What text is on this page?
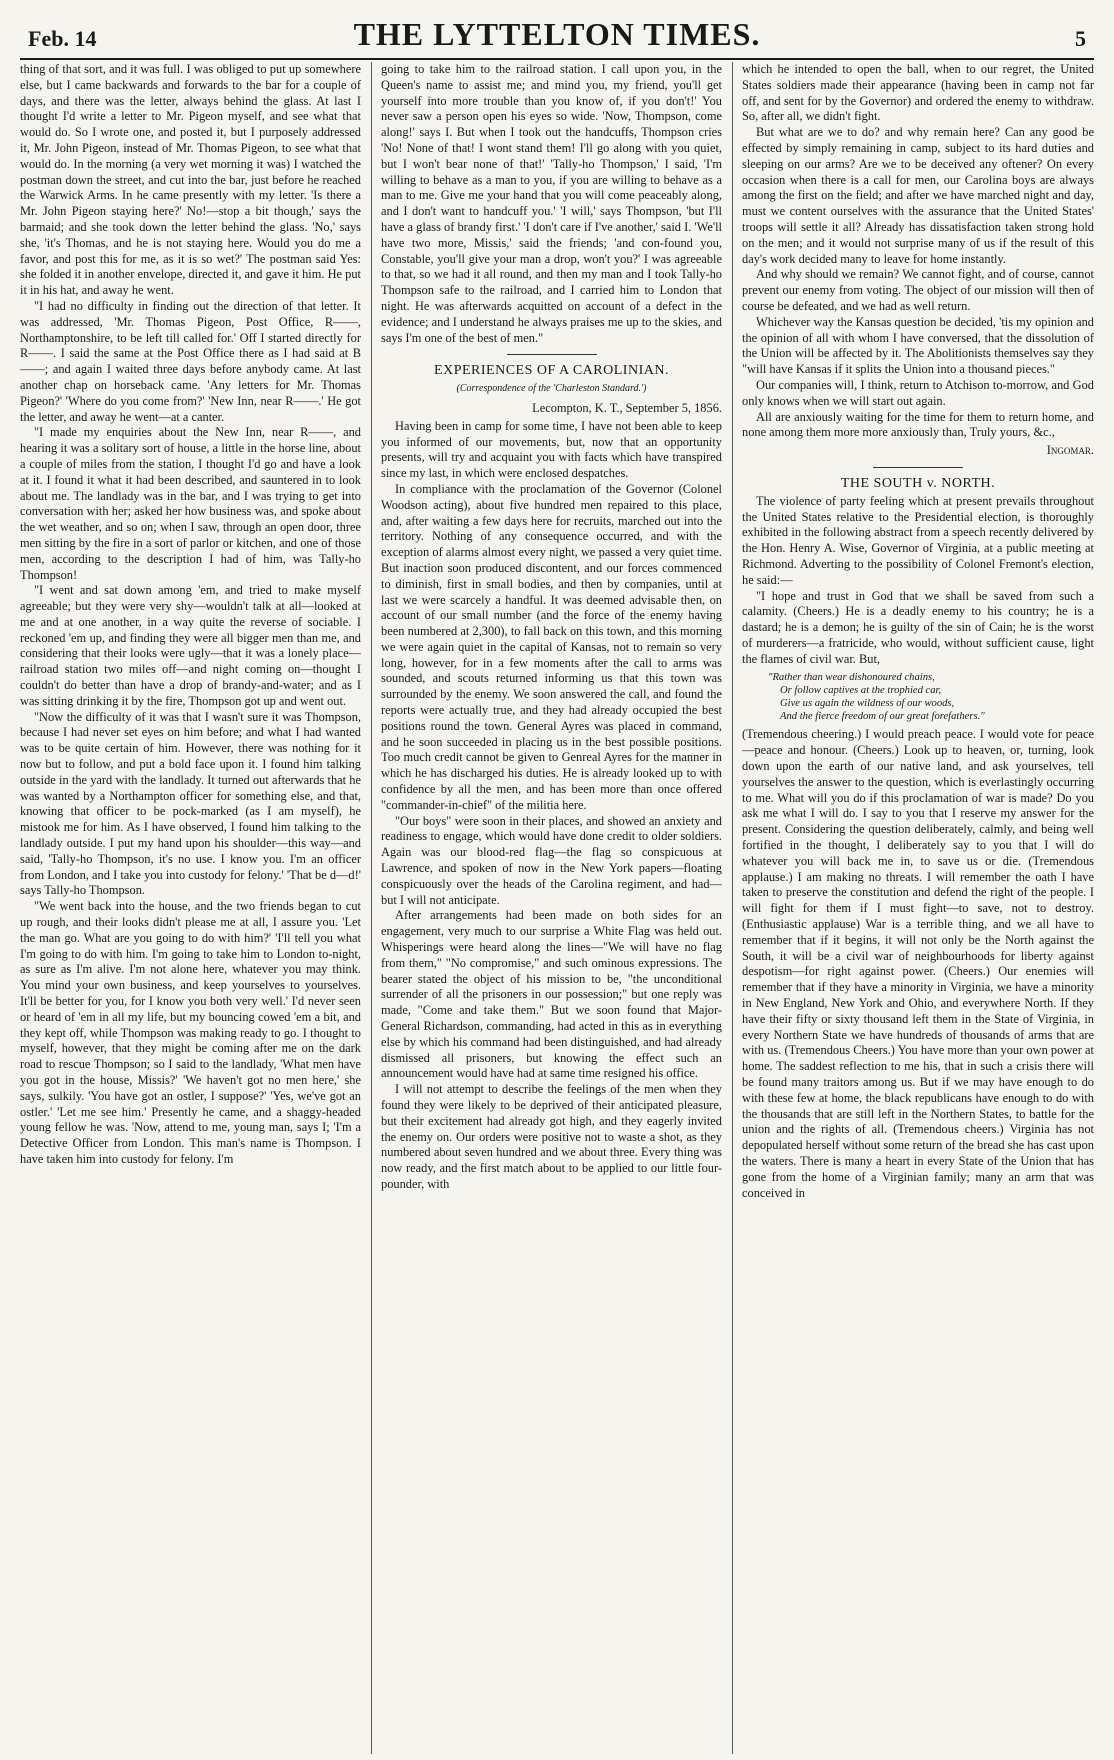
Feb. 14	THE LYTTELTON TIMES.	5

thing of that sort, and it was full. I was obliged to put up somewhere else, but I came backwards and forwards to the bar for a couple of days, and there was the letter, always behind the glass. At last I thought I'd write a letter to Mr. Pigeon myself, and see what that would do. So I wrote one, and posted it, but I purposely addressed it, Mr. John Pigeon, instead of Mr. Thomas Pigeon, to see what that would do. In the morning (a very wet morning it was) I watched the postman down the street, and cut into the bar, just before he reached the Warwick Arms. In he came presently with my letter. 'Is there a Mr. John Pigeon staying here?' No!—stop a bit though,' says the barmaid; and she took down the letter behind the glass. 'No,' says she, 'it's Thomas, and he is not staying here. Would you do me a favor, and post this for me, as it is so wet?' The postman said Yes: she folded it in another envelope, directed it, and gave it him. He put it in his hat, and away he went.

"I had no difficulty in finding out the direction of that letter. It was addressed, 'Mr. Thomas Pigeon, Post Office, R——, Northamptonshire, to be left till called for.' Off I started directly for R——. I said the same at the Post Office there as I had said at B——; and again I waited three days before anybody came. At last another chap on horseback came. 'Any letters for Mr. Thomas Pigeon?' 'Where do you come from?' 'New Inn, near R——.' He got the letter, and away he went—at a canter.

"I made my enquiries about the New Inn, near R——, and hearing it was a solitary sort of house, a little in the horse line, about a couple of miles from the station, I thought I'd go and have a look at it. I found it what it had been described, and sauntered in to look about me. The landlady was in the bar, and I was trying to get into conversation with her; asked her how business was, and spoke about the wet weather, and so on; when I saw, through an open door, three men sitting by the fire in a sort of parlor or kitchen, and one of those men, according to the description I had of him, was Tally-ho Thompson!

"I went and sat down among 'em, and tried to make myself agreeable; but they were very shy—wouldn't talk at all—looked at me and at one another, in a way quite the reverse of sociable. I reckoned 'em up, and finding they were all bigger men than me, and considering that their looks were ugly—that it was a lonely place—railroad station two miles off—and night coming on—thought I couldn't do better than have a drop of brandy-and-water; and as I was sitting drinking it by the fire, Thompson got up and went out.

"Now the difficulty of it was that I wasn't sure it was Thompson, because I had never set eyes on him before; and what I had wanted was to be quite certain of him. However, there was nothing for it now but to follow, and put a bold face upon it. I found him talking outside in the yard with the landlady. It turned out afterwards that he was wanted by a Northampton officer for something else, and that, knowing that officer to be pock-marked (as I am myself), he mistook me for him. As I have observed, I found him talking to the landlady outside. I put my hand upon his shoulder—this way—and said, 'Tally-ho Thompson, it's no use. I know you. I'm an officer from London, and I take you into custody for felony.' 'That be d—d!' says Tally-ho Thompson.

"We went back into the house, and the two friends began to cut up rough, and their looks didn't please me at all, I assure you. 'Let the man go. What are you going to do with him?' 'I'll tell you what I'm going to do with him. I'm going to take him to London to-night, as sure as I'm alive. I'm not alone here, whatever you may think. You mind your own business, and keep yourselves to yourselves. It'll be better for you, for I know you both very well.' I'd never seen or heard of 'em in all my life, but my bouncing cowed 'em a bit, and they kept off, while Thompson was making ready to go. I thought to myself, however, that they might be coming after me on the dark road to rescue Thompson; so I said to the landlady, 'What men have you got in the house, Missis?' 'We haven't got no men here,' she says, sulkily. 'You have got an ostler, I suppose?' 'Yes, we've got an ostler.' 'Let me see him.' Presently he came, and a shaggy-headed young fellow he was. 'Now, attend to me, young man, says I; 'I'm a Detective Officer from London. This man's name is Thompson. I have taken him into custody for felony. I'm

going to take him to the railroad station. I call upon you, in the Queen's name to assist me; and mind you, my friend, you'll get yourself into more trouble than you know of, if you don't!' You never saw a person open his eyes so wide. 'Now, Thompson, come along!' says I. But when I took out the handcuffs, Thompson cries 'No! None of that! I wont stand them! I'll go along with you quiet, but I won't bear none of that!' 'Tally-ho Thompson,' I said, 'I'm willing to behave as a man to you, if you are willing to behave as a man to me. Give me your hand that you will come peaceably along, and I don't want to handcuff you.' 'I will,' says Thompson, 'but I'll have a glass of brandy first.' 'I don't care if I've another,' said I. 'We'll have two more, Missis,' said the friends; 'and con-found you, Constable, you'll give your man a drop, won't you?' I was agreeable to that, so we had it all round, and then my man and I took Tally-ho Thompson safe to the railroad, and I carried him to London that night. He was afterwards acquitted on account of a defect in the evidence; and I understand he always praises me up to the skies, and says I'm one of the best of men."

EXPERIENCES OF A CAROLINIAN.
(Correspondence of the 'Charleston Standard.')
Lecompton, K. T., September 5, 1856.

Having been in camp for some time, I have not been able to keep you informed of our movements, but, now that an opportunity presents, will try and acquaint you with facts which have transpired since my last, in which were enclosed despatches.

In compliance with the proclamation of the Governor (Colonel Woodson acting), about five hundred men repaired to this place, and, after waiting a few days here for recruits, marched out into the territory. Nothing of any consequence occurred, and with the exception of alarms almost every night, we passed a very quiet time. But inaction soon produced discontent, and our forces commenced to diminish, first in small bodies, and then by companies, until at last we were scarcely a handful. It was deemed advisable then, on account of our small number (and the force of the enemy having been numbered at 2,300), to fall back on this town, and this morning we were again quiet in the capital of Kansas, not to remain so very long, however, for in a few moments after the call to arms was sounded, and scouts returned informing us that this town was surrounded by the enemy. We soon answered the call, and found the reports were actually true, and they had already occupied the best positions round the town. General Ayres was placed in command, and he soon succeeded in placing us in the best possible positions. Too much credit cannot be given to Genreal Ayres for the manner in which he has discharged his duties. He is already looked up to with confidence by all the men, and has been more than once offered "commander-in-chief" of the militia here.

"Our boys" were soon in their places, and showed an anxiety and readiness to engage, which would have done credit to older soldiers. Again was our blood-red flag—the flag so conspicuous at Lawrence, and spoken of now in the New York papers—floating conspicuously over the heads of the Carolina regiment, and had—but I will not anticipate.

After arrangements had been made on both sides for an engagement, very much to our surprise a White Flag was held out. Whisperings were heard along the lines—"We will have no flag from them," "No compromise," and such ominous expressions. The bearer stated the object of his mission to be, "the unconditional surrender of all the prisoners in our possession;" but one reply was made, "Come and take them." But we soon found that Major-General Richardson, commanding, had acted in this as in everything else by which his command had been distinguished, and had already dismissed all prisoners, but knowing the effect such an announcement would have had at same time resigned his office.

I will not attempt to describe the feelings of the men when they found they were likely to be deprived of their anticipated pleasure, but their excitement had already got high, and they eagerly invited the enemy on. Our orders were positive not to waste a shot, as they numbered about seven hundred and we about three. Every thing was now ready, and the first match about to be applied to our little four-pounder, with

which he intended to open the ball, when to our regret, the United States soldiers made their appearance (having been in camp not far off, and sent for by the Governor) and ordered the enemy to withdraw. So, after all, we didn't fight.

But what are we to do? and why remain here? Can any good be effected by simply remaining in camp, subject to its hard duties and sleeping on our arms? Are we to be deceived any oftener? On every occasion when there is a call for men, our Carolina boys are always among the first on the field; and after we have marched night and day, must we content ourselves with the assurance that the United States' troops will settle it all? Already has dissatisfaction taken strong hold on the men; and it would not surprise many of us if the result of this day's work decided many to leave for home instantly.

And why should we remain? We cannot fight, and of course, cannot prevent our enemy from voting. The object of our mission will then of course be defeated, and we had as well return.

Whichever way the Kansas question be decided, 'tis my opinion and the opinion of all with whom I have conversed, that the dissolution of the Union will be affected by it. The Abolitionists themselves say they "will have Kansas if it splits the Union into a thousand pieces."

Our companies will, I think, return to Atchison to-morrow, and God only knows when we will start out again.

All are anxiously waiting for the time for them to return home, and none among them more more anxiously than, Truly yours, &c.,

Ingomar.
THE SOUTH v. NORTH.

The violence of party feeling which at present prevails throughout the United States relative to the Presidential election, is thoroughly exhibited in the following abstract from a speech recently delivered by the Hon. Henry A. Wise, Governor of Virginia, at a public meeting at Richmond. Adverting to the possibility of Colonel Fremont's election, he said:—

"I hope and trust in God that we shall be saved from such a calamity. (Cheers.) He is a deadly enemy to his country; he is a dastard; he is a demon; he is guilty of the sin of Cain; he is the worst of murderers—a fratricide, who would, without sufficient cause, light the flames of civil war. But,

"Rather than wear dishonoured chains,
Or follow captives at the trophied car,
Give us again the wildness of our woods,
And the fierce freedom of our great forefathers."

(Tremendous cheering.) I would preach peace. I would vote for peace—peace and honour. (Cheers.) Look up to heaven, or, turning, look down upon the earth of our native land, and ask yourselves, tell yourselves the answer to the question, which is everlastingly occurring to me. What will you do if this proclamation of war is made? Do you ask me what I will do. I say to you that I reserve my answer for the present. Considering the question deliberately, calmly, and being well fortified in the thought, I deliberately say to you that I will do whatever you will back me in, to save us or die. (Tremendous applause.) I am making no threats. I will remember the oath I have taken to preserve the constitution and defend the right of the people. I will fight for them if I must fight—to save, not to destroy. (Enthusiastic applause) War is a terrible thing, and we all have to remember that if it begins, it will not only be the North against the South, it will be a civil war of neighbourhoods for liberty against despotism—for right against power. (Cheers.) Our enemies will remember that if they have a minority in Virginia, we have a minority in New England, New York and Ohio, and everywhere North. If they have their fifty or sixty thousand left them in the State of Virginia, in every Northern State we have hundreds of thousands of arms that are with us. (Tremendous Cheers.) You have more than your own power at home. The saddest reflection to me his, that in such a crisis there will be found many traitors among us. But if we may have enough to do with these few at home, the black republicans have enough to do with the thousands that are still left in the Northern States, to battle for the union and the rights of all. (Tremendous cheers.) Virginia has not depopulated herself without some return of the bread she has cast upon the waters. There is many a heart in every State of the Union that has gone from the home of a Virginian family; many an arm that was conceived in
